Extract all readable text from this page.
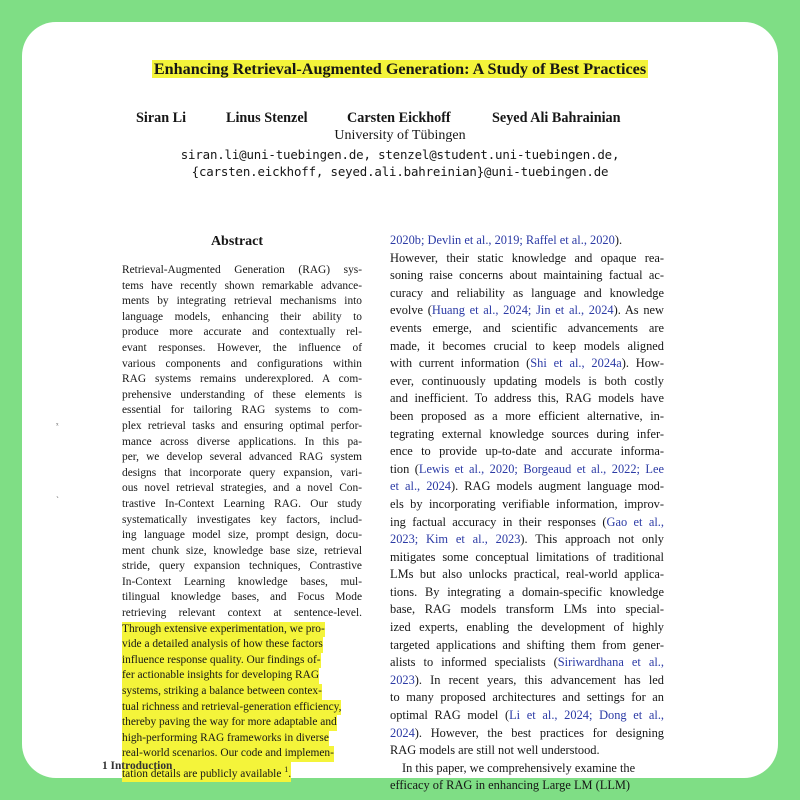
Enhancing Retrieval-Augmented Generation: A Study of Best Practices
Siran Li	Linus Stenzel	Carsten Eickhoff	Seyed Ali Bahrainian
University of Tübingen
siran.li@uni-tuebingen.de, stenzel@student.uni-tuebingen.de,
{carsten.eickhoff, seyed.ali.bahreinian}@uni-tuebingen.de
Abstract
Retrieval-Augmented Generation (RAG) sys-
tems have recently shown remarkable advance-
ments by integrating retrieval mechanisms into
language models, enhancing their ability to
produce more accurate and contextually rel-
evant responses. However, the influence of
various components and configurations within
RAG systems remains underexplored. A com-
prehensive understanding of these elements is
essential for tailoring RAG systems to com-
plex retrieval tasks and ensuring optimal perfor-
mance across diverse applications. In this pa-
per, we develop several advanced RAG system
designs that incorporate query expansion, vari-
ous novel retrieval strategies, and a novel Con-
trastive In-Context Learning RAG. Our study
systematically investigates key factors, includ-
ing language model size, prompt design, docu-
ment chunk size, knowledge base size, retrieval
stride, query expansion techniques, Contrastive
In-Context Learning knowledge bases, mul-
tilingual knowledge bases, and Focus Mode
retrieving relevant context at sentence-level.
Through extensive experimentation, we pro-
vide a detailed analysis of how these factors
influence response quality. Our findings of-
fer actionable insights for developing RAG
systems, striking a balance between contex-
tual richness and retrieval-generation efficiency,
thereby paving the way for more adaptable and
high-performing RAG frameworks in diverse
real-world scenarios. Our code and implemen-
tation details are publicly available $^1$.
1 Introduction
2020b; Devlin et al., 2019; Raffel et al., 2020).
However, their static knowledge and opaque rea-
soning raise concerns about maintaining factual ac-
curacy and reliability as language and knowledge
evolve (Huang et al., 2024; Jin et al., 2024). As new
events emerge, and scientific advancements are
made, it becomes crucial to keep models aligned
with current information (Shi et al., 2024a). How-
ever, continuously updating models is both costly
and inefficient. To address this, RAG models have
been proposed as a more efficient alternative, in-
tegrating external knowledge sources during infer-
ence to provide up-to-date and accurate informa-
tion (Lewis et al., 2020; Borgeaud et al., 2022; Lee
et al., 2024). RAG models augment language mod-
els by incorporating verifiable information, improv-
ing factual accuracy in their responses (Gao et al.,
2023; Kim et al., 2023). This approach not only
mitigates some conceptual limitations of traditional
LMs but also unlocks practical, real-world applica-
tions. By integrating a domain-specific knowledge
base, RAG models transform LMs into special-
ized experts, enabling the development of highly
targeted applications and shifting them from gener-
alists to informed specialists (Siriwardhana et al.,
2023). In recent years, this advancement has led
to many proposed architectures and settings for an
optimal RAG model (Li et al., 2024; Dong et al.,
2024). However, the best practices for designing
RAG models are still not well understood.
In this paper, we comprehensively examine the
efficacy of RAG in enhancing Large LM (LLM)
ˣ
ˏ
